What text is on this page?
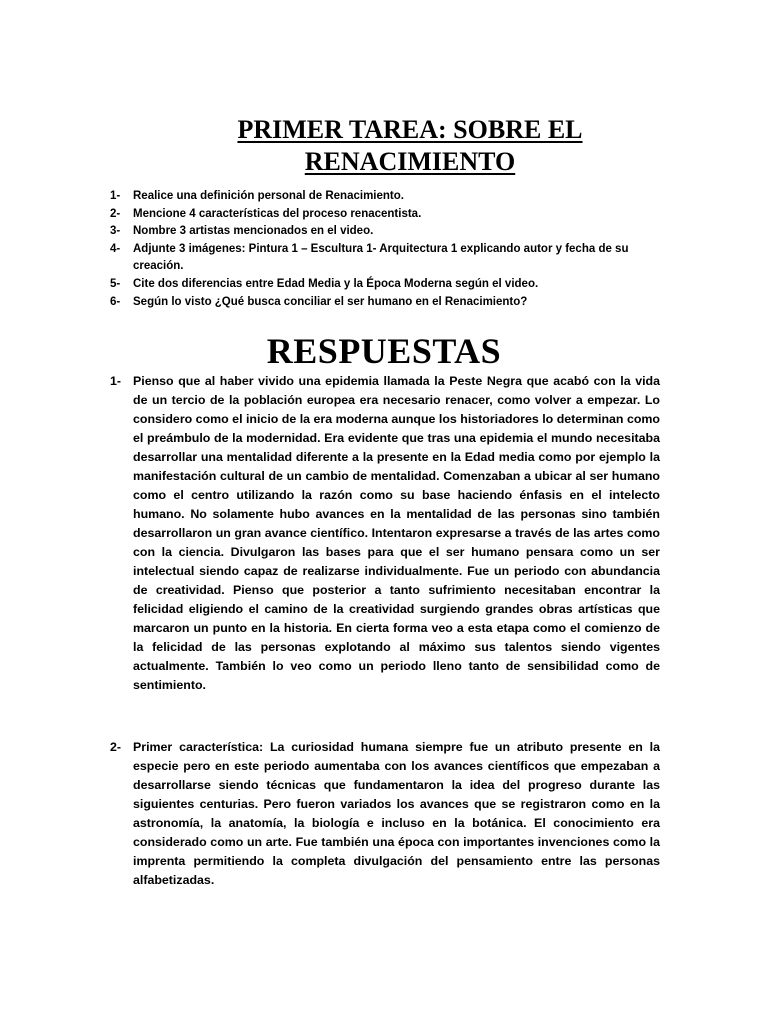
PRIMER TAREA: SOBRE EL
RENACIMIENTO
1- Realice una definición personal de Renacimiento.
2- Mencione 4 características del proceso renacentista.
3- Nombre 3 artistas mencionados en el video.
4- Adjunte 3 imágenes: Pintura 1 – Escultura 1- Arquitectura 1 explicando autor y fecha de su creación.
5- Cite dos diferencias entre Edad Media y la Época Moderna según el video.
6- Según lo visto ¿Qué busca conciliar el ser humano en el Renacimiento?
RESPUESTAS
1- Pienso que al haber vivido una epidemia llamada la Peste Negra que acabó con la vida de un tercio de la población europea era necesario renacer, como volver a empezar. Lo considero como el inicio de la era moderna aunque los historiadores lo determinan como el preámbulo de la modernidad. Era evidente que tras una epidemia el mundo necesitaba desarrollar una mentalidad diferente a la presente en la Edad media como por ejemplo la manifestación cultural de un cambio de mentalidad. Comenzaban a ubicar al ser humano como el centro utilizando la razón como su base haciendo énfasis en el intelecto humano. No solamente hubo avances en la mentalidad de las personas sino también desarrollaron un gran avance científico. Intentaron expresarse a través de las artes como con la ciencia. Divulgaron las bases para que el ser humano pensara como un ser intelectual siendo capaz de realizarse individualmente. Fue un periodo con abundancia de creatividad. Pienso que posterior a tanto sufrimiento necesitaban encontrar la felicidad eligiendo el camino de la creatividad surgiendo grandes obras artísticas que marcaron un punto en la historia. En cierta forma veo a esta etapa como el comienzo de la felicidad de las personas explotando al máximo sus talentos siendo vigentes actualmente. También lo veo como un periodo lleno tanto de sensibilidad como de sentimiento.

2- Primer característica: La curiosidad humana siempre fue un atributo presente en la especie pero en este periodo aumentaba con los avances científicos que empezaban a desarrollarse siendo técnicas que fundamentaron la idea del progreso durante las siguientes centurias. Pero fueron variados los avances que se registraron como en la astronomía, la anatomía, la biología e incluso en la botánica. El conocimiento era considerado como un arte. Fue también una época con importantes invenciones como la imprenta permitiendo la completa divulgación del pensamiento entre las personas alfabetizadas.
